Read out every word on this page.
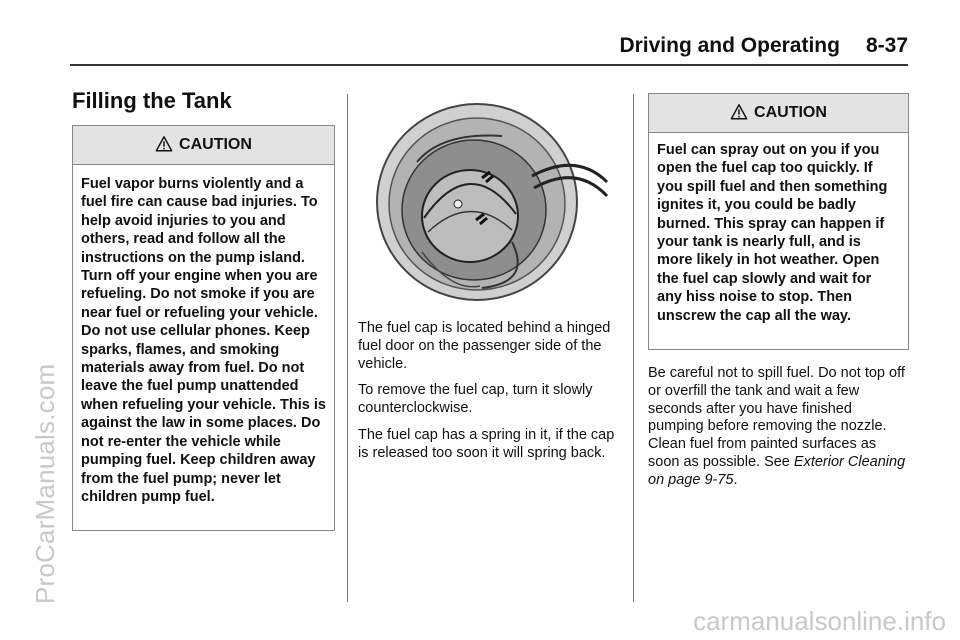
Driving and Operating 8-37
ProCarManuals.com
carmanualsonline.info
Filling the Tank
CAUTION
Fuel vapor burns violently and a fuel fire can cause bad injuries. To help avoid injuries to you and others, read and follow all the instructions on the pump island. Turn off your engine when you are refueling. Do not smoke if you are near fuel or refueling your vehicle. Do not use cellular phones. Keep sparks, flames, and smoking materials away from fuel. Do not leave the fuel pump unattended when refueling your vehicle. This is against the law in some places. Do not re-enter the vehicle while pumping fuel. Keep children away from the fuel pump; never let children pump fuel.

The fuel cap is located behind a hinged fuel door on the passenger side of the vehicle.

To remove the fuel cap, turn it slowly counterclockwise.

The fuel cap has a spring in it, if the cap is released too soon it will spring back.

CAUTION
Fuel can spray out on you if you open the fuel cap too quickly. If you spill fuel and then something ignites it, you could be badly burned. This spray can happen if your tank is nearly full, and is more likely in hot weather. Open the fuel cap slowly and wait for any hiss noise to stop. Then unscrew the cap all the way.

Be careful not to spill fuel. Do not top off or overfill the tank and wait a few seconds after you have finished pumping before removing the nozzle. Clean fuel from painted surfaces as soon as possible. See Exterior Cleaning on page 9-75.
